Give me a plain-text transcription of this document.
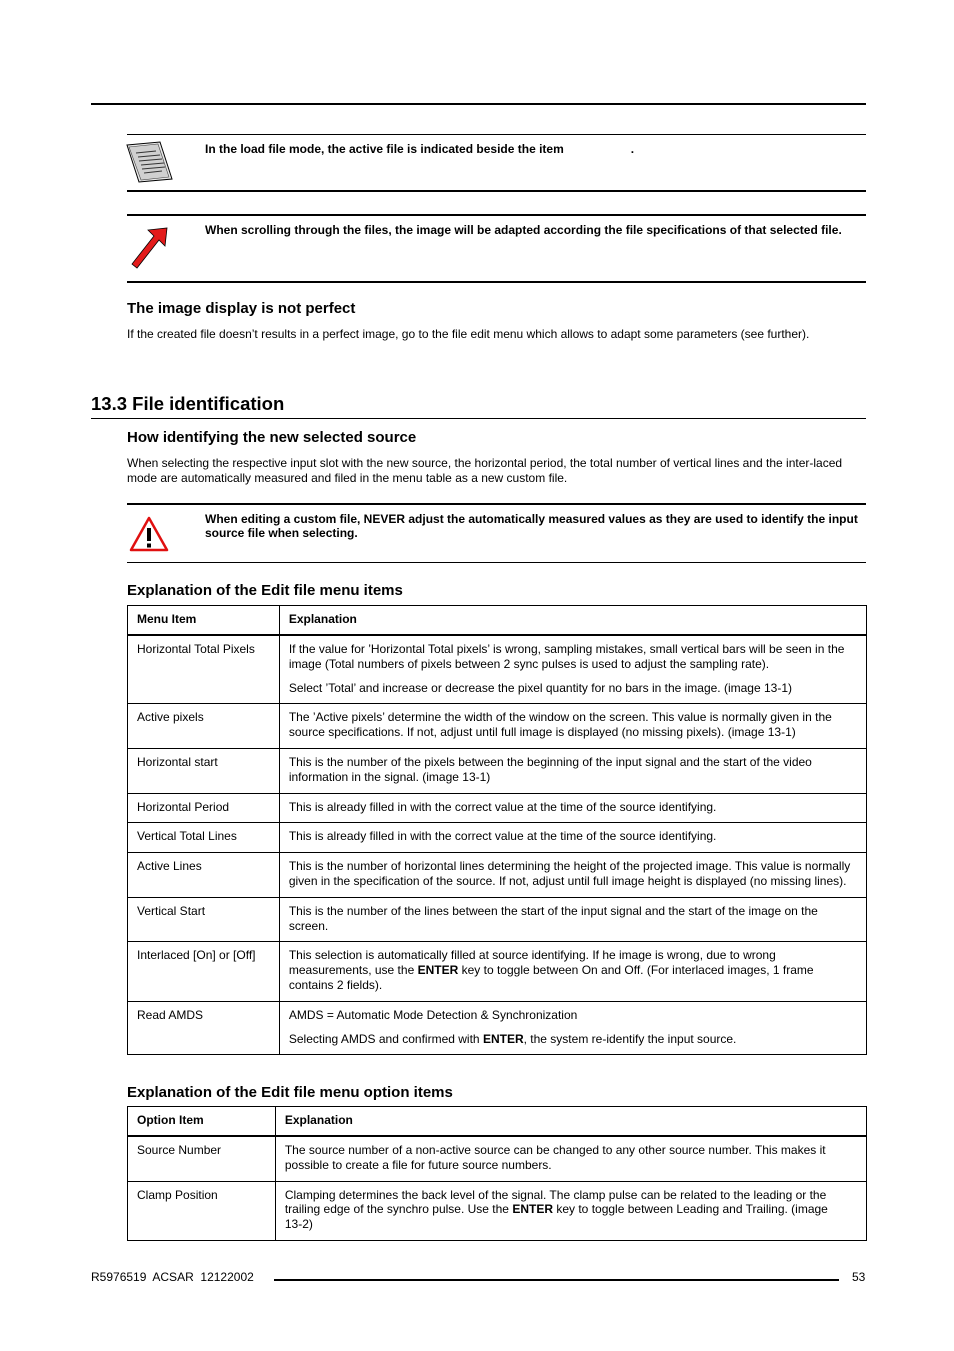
In the load file mode, the active file is indicated beside the item	.
When scrolling through the files, the image will be adapted according the file specifications of that selected file.
The image display is not perfect
If the created file doesn’t results in a perfect image, go to the file edit menu which allows to adapt some parameters (see further).
13.3 File identification
How identifying the new selected source
When selecting the respective input slot with the new source, the horizontal period, the total number of vertical lines and the inter-laced mode are automatically measured and filed in the menu table as a new custom file.
When editing a custom file, NEVER adjust the automatically measured values as they are used to identify the input source file when selecting.
Explanation of the Edit file menu items
Menu Item	Explanation
Horizontal Total Pixels	If the value for ’Horizontal Total pixels’ is wrong, sampling mistakes, small vertical bars will be seen in the image (Total numbers of pixels between 2 sync pulses is used to adjust the sampling rate).

Select ’Total’ and increase or decrease the pixel quantity for no bars in the image. (image 13-1)

Active pixels	The ’Active pixels’ determine the width of the window on the screen. This value is normally given in the source specifications. If not, adjust until full image is displayed (no missing pixels). (image 13-1)

Horizontal start	This is the number of the pixels between the beginning of the input signal and the start of the video information in the signal. (image 13-1)

Horizontal Period	This is already filled in with the correct value at the time of the source identifying.

Vertical Total Lines	This is already filled in with the correct value at the time of the source identifying.

Active Lines	This is the number of horizontal lines determining the height of the projected image. This value is normally given in the specification of the source. If not, adjust until full image height is displayed (no missing lines).

Vertical Start	This is the number of the lines between the start of the input signal and the start of the image on the screen.

Interlaced [On] or [Off]	This selection is automatically filled at source identifying. If he image is wrong, due to wrong measurements, use the ENTER key to toggle between On and Off. (For interlaced images, 1 frame contains 2 fields).

Read AMDS	AMDS = Automatic Mode Detection & Synchronization

Selecting AMDS and confirmed with ENTER, the system re-identify the input source.

Explanation of the Edit file menu option items
Option Item	Explanation
Source Number	The source number of a non-active source can be changed to any other source number. This makes it possible to create a file for future source numbers.

Clamp Position	Clamping determines the back level of the signal. The clamp pulse can be related to the leading or the trailing edge of the synchro pulse. Use the ENTER key to toggle between Leading and Trailing. (image 13-2)

R5976519  ACSAR  12122002	53
